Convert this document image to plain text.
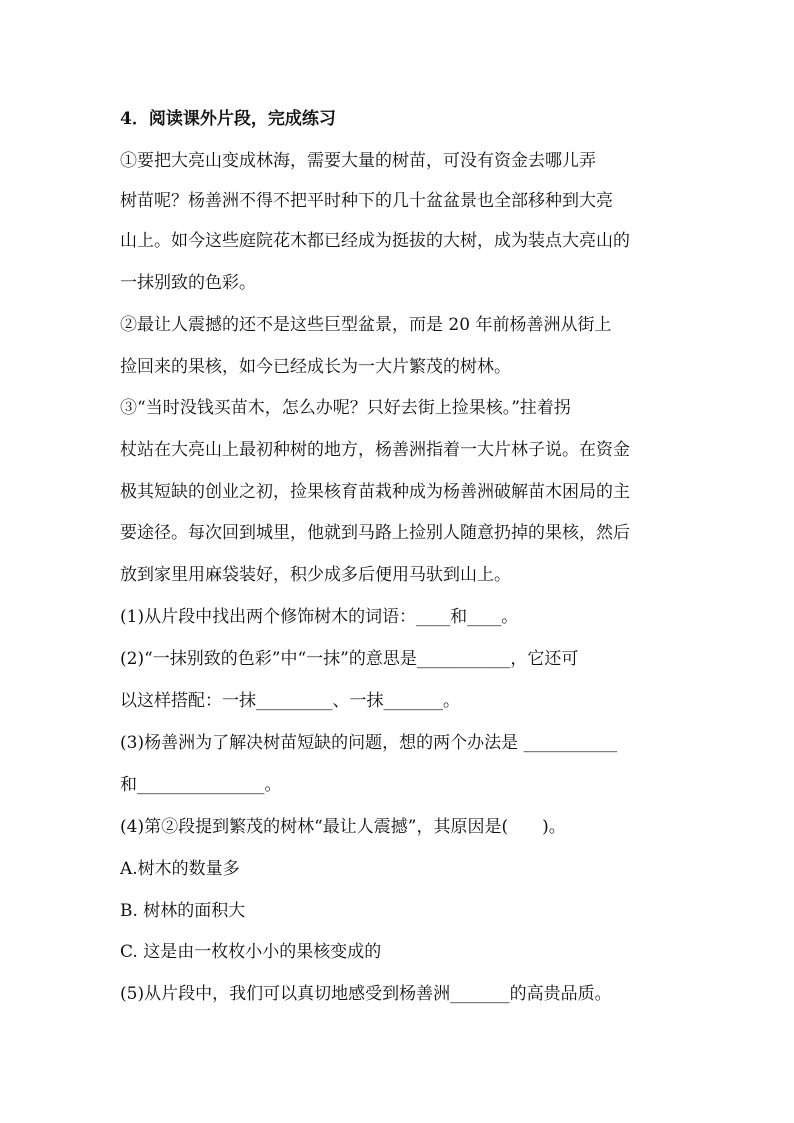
4．阅读课外片段，完成练习
①要把大亮山变成林海，需要大量的树苗，可没有资金去哪儿弄
树苗呢？杨善洲不得不把平时种下的几十盆盆景也全部移种到大亮
山上。如今这些庭院花木都已经成为挺拔的大树，成为装点大亮山的
一抹别致的色彩。
②最让人震撼的还不是这些巨型盆景，而是 20 年前杨善洲从街上
捡回来的果核，如今已经成长为一大片繁茂的树林。
③“当时没钱买苗木，怎么办呢？只好去街上捡果核。”拄着拐
杖站在大亮山上最初种树的地方，杨善洲指着一大片林子说。在资金
极其短缺的创业之初，捡果核育苗栽种成为杨善洲破解苗木困局的主
要途径。每次回到城里，他就到马路上捡别人随意扔掉的果核，然后
放到家里用麻袋装好，积少成多后便用马驮到山上。
(1)从片段中找出两个修饰树木的词语：____和____。
(2)“一抹别致的色彩”中“一抹”的意思是___________，它还可
以这样搭配：一抹_________、一抹_______。
(3)杨善洲为了解决树苗短缺的问题，想的两个办法是 ___________
和_______________。
(4)第②段提到繁茂的树林“最让人震撼”，其原因是(　　)。
A.树木的数量多
B. 树林的面积大
C. 这是由一枚枚小小的果核变成的
(5)从片段中，我们可以真切地感受到杨善洲_______的高贵品质。
